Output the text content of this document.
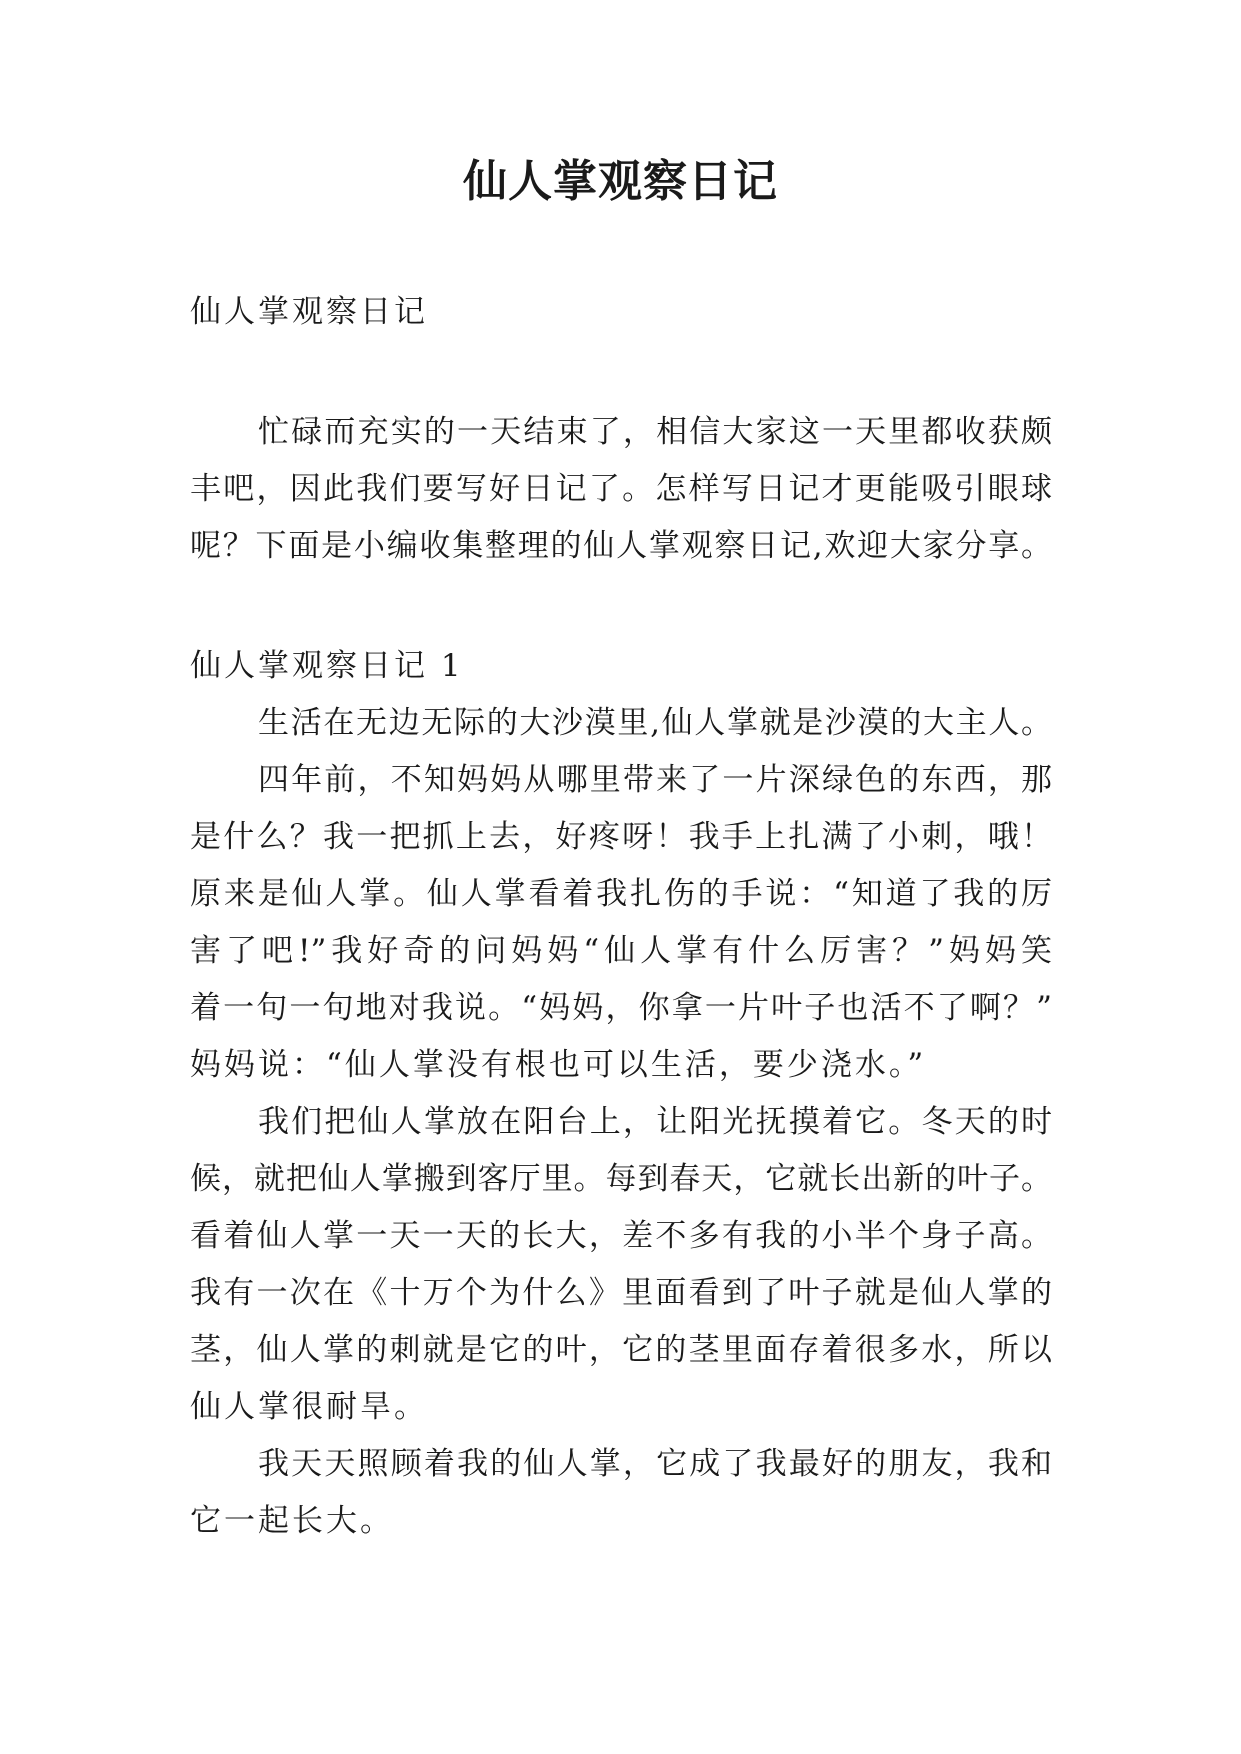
仙人掌观察日记
仙人掌观察日记
忙碌而充实的一天结束了，相信大家这一天里都收获颇
丰吧，因此我们要写好日记了。怎样写日记才更能吸引眼球
呢？下面是小编收集整理的仙人掌观察日记,欢迎大家分享。
仙人掌观察日记 1
生活在无边无际的大沙漠里,仙人掌就是沙漠的大主人。
四年前，不知妈妈从哪里带来了一片深绿色的东西，那
是什么？我一把抓上去，好疼呀！我手上扎满了小刺，哦！
原来是仙人掌。仙人掌看着我扎伤的手说：“知道了我的厉
害了吧!”我好奇的问妈妈“仙人掌有什么厉害？”妈妈笑
着一句一句地对我说。“妈妈，你拿一片叶子也活不了啊？”
妈妈说：“仙人掌没有根也可以生活，要少浇水。”
我们把仙人掌放在阳台上，让阳光抚摸着它。冬天的时
候，就把仙人掌搬到客厅里。每到春天，它就长出新的叶子。
看着仙人掌一天一天的长大，差不多有我的小半个身子高。
我有一次在《十万个为什么》里面看到了叶子就是仙人掌的
茎，仙人掌的刺就是它的叶，它的茎里面存着很多水，所以
仙人掌很耐旱。
我天天照顾着我的仙人掌，它成了我最好的朋友，我和
它一起长大。
